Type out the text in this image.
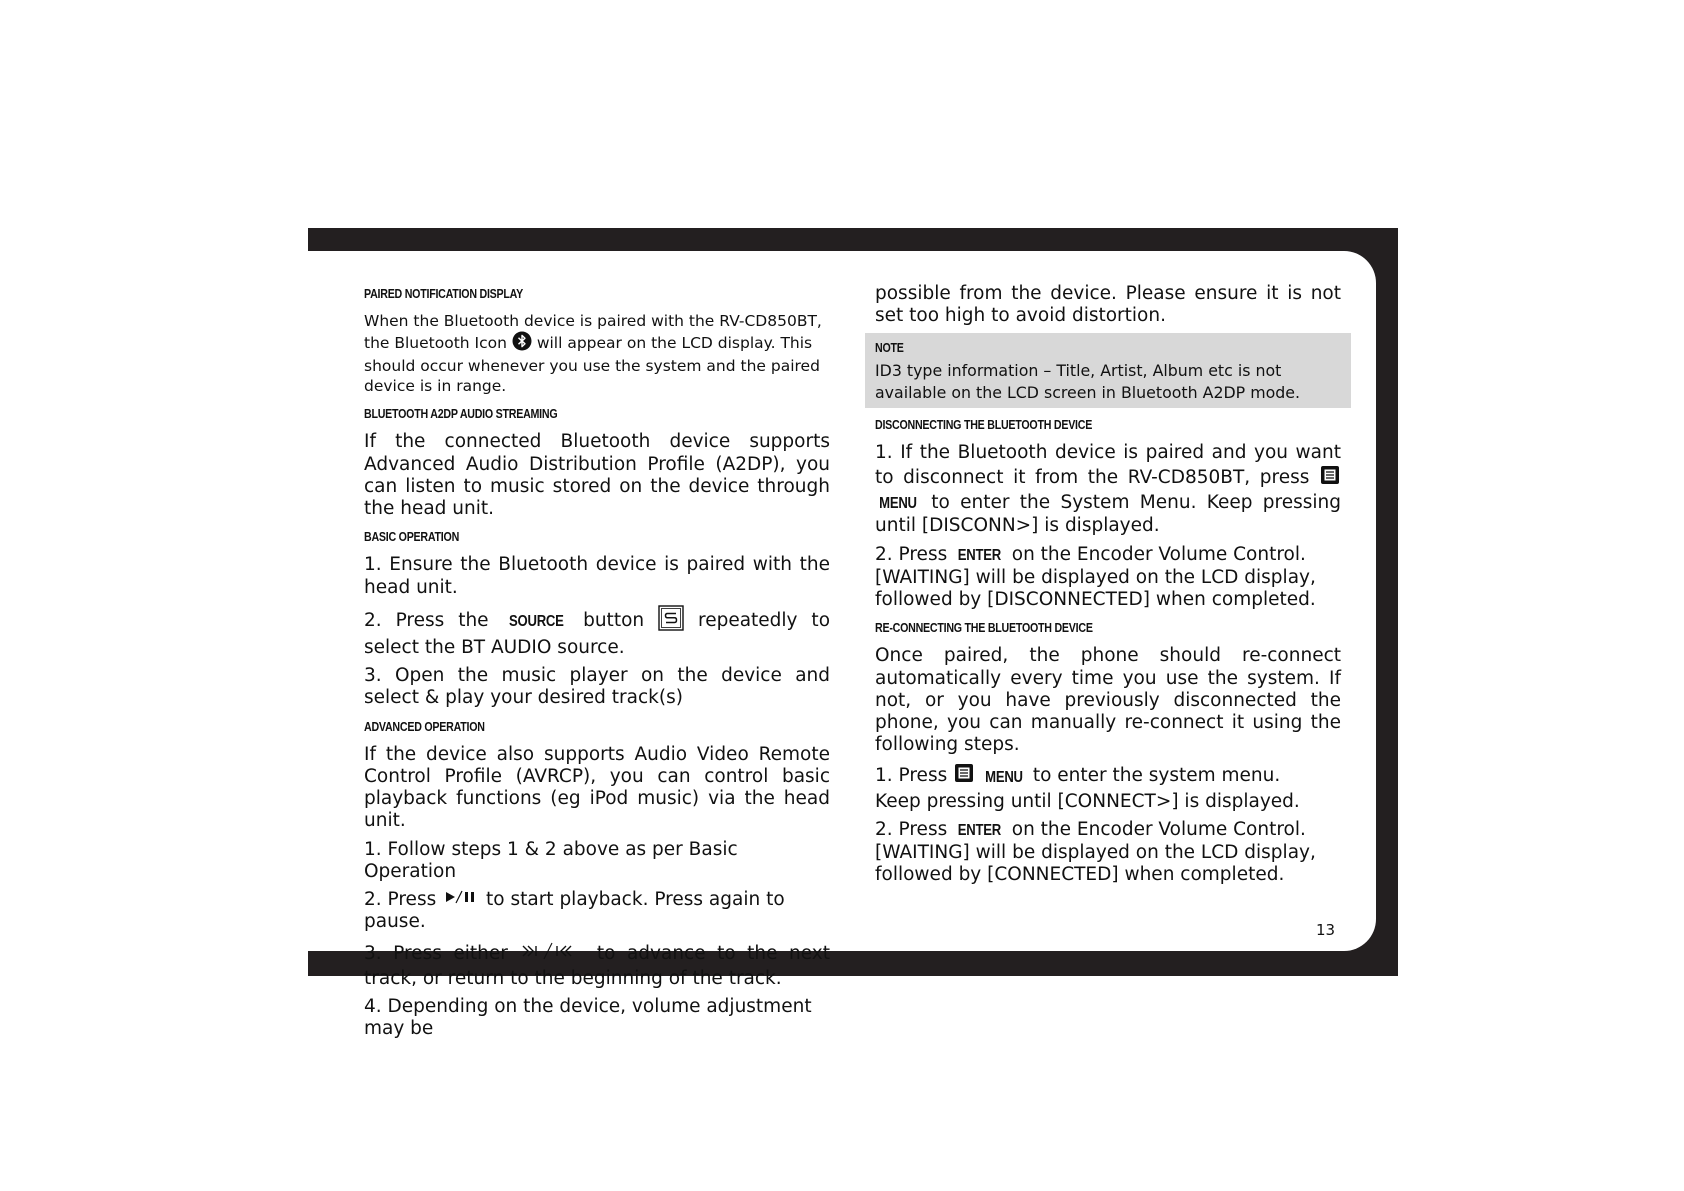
PAIRED NOTIFICATION DISPLAY

When the Bluetooth device is paired with the RV-CD850BT, the Bluetooth Icon will appear on the LCD display. This should occur whenever you use the system and the paired device is in range.

BLUETOOTH A2DP AUDIO STREAMING

If the connected Bluetooth device supports Advanced Audio Distribution Profile (A2DP), you can listen to music stored on the device through the head unit.

BASIC OPERATION

1. Ensure the Bluetooth device is paired with the head unit.

2. Press the SOURCE button	repeatedly to select the BT AUDIO source.

3. Open the music player on the device and select & play your desired track(s)

ADVANCED OPERATION

If the device also supports Audio Video Remote Control Profile (AVRCP), you can control basic playback functions (eg iPod music) via the head unit.

1. Follow steps 1 & 2 above as per Basic Operation

2. Press	to start playback. Press again to pause.

3. Press either	to advance to the next track, or return to the beginning of the track.

4. Depending on the device, volume adjustment may be

possible from the device. Please ensure it is not set too high to avoid distortion.

NOTE

ID3 type information – Title, Artist, Album etc is not available on the LCD screen in Bluetooth A2DP mode.

DISCONNECTING THE BLUETOOTH DEVICE

1. If the Bluetooth device is paired and you want to disconnect it from the RV-CD850BT, press  MENU to enter the System Menu. Keep pressing until [DISCONN>] is displayed.

2. Press ENTER on the Encoder Volume Control.
[WAITING] will be displayed on the LCD display,
followed by [DISCONNECTED] when completed.

RE-CONNECTING THE BLUETOOTH DEVICE

Once paired, the phone should re-connect automatically every time you use the system. If not, or you have previously disconnected the phone, you can manually re-connect it using the following steps.

1. Press MENU to enter the system menu.
Keep pressing until [CONNECT>] is displayed.

2. Press ENTER on the Encoder Volume Control.
[WAITING] will be displayed on the LCD display,
followed by [CONNECTED] when completed.

13
